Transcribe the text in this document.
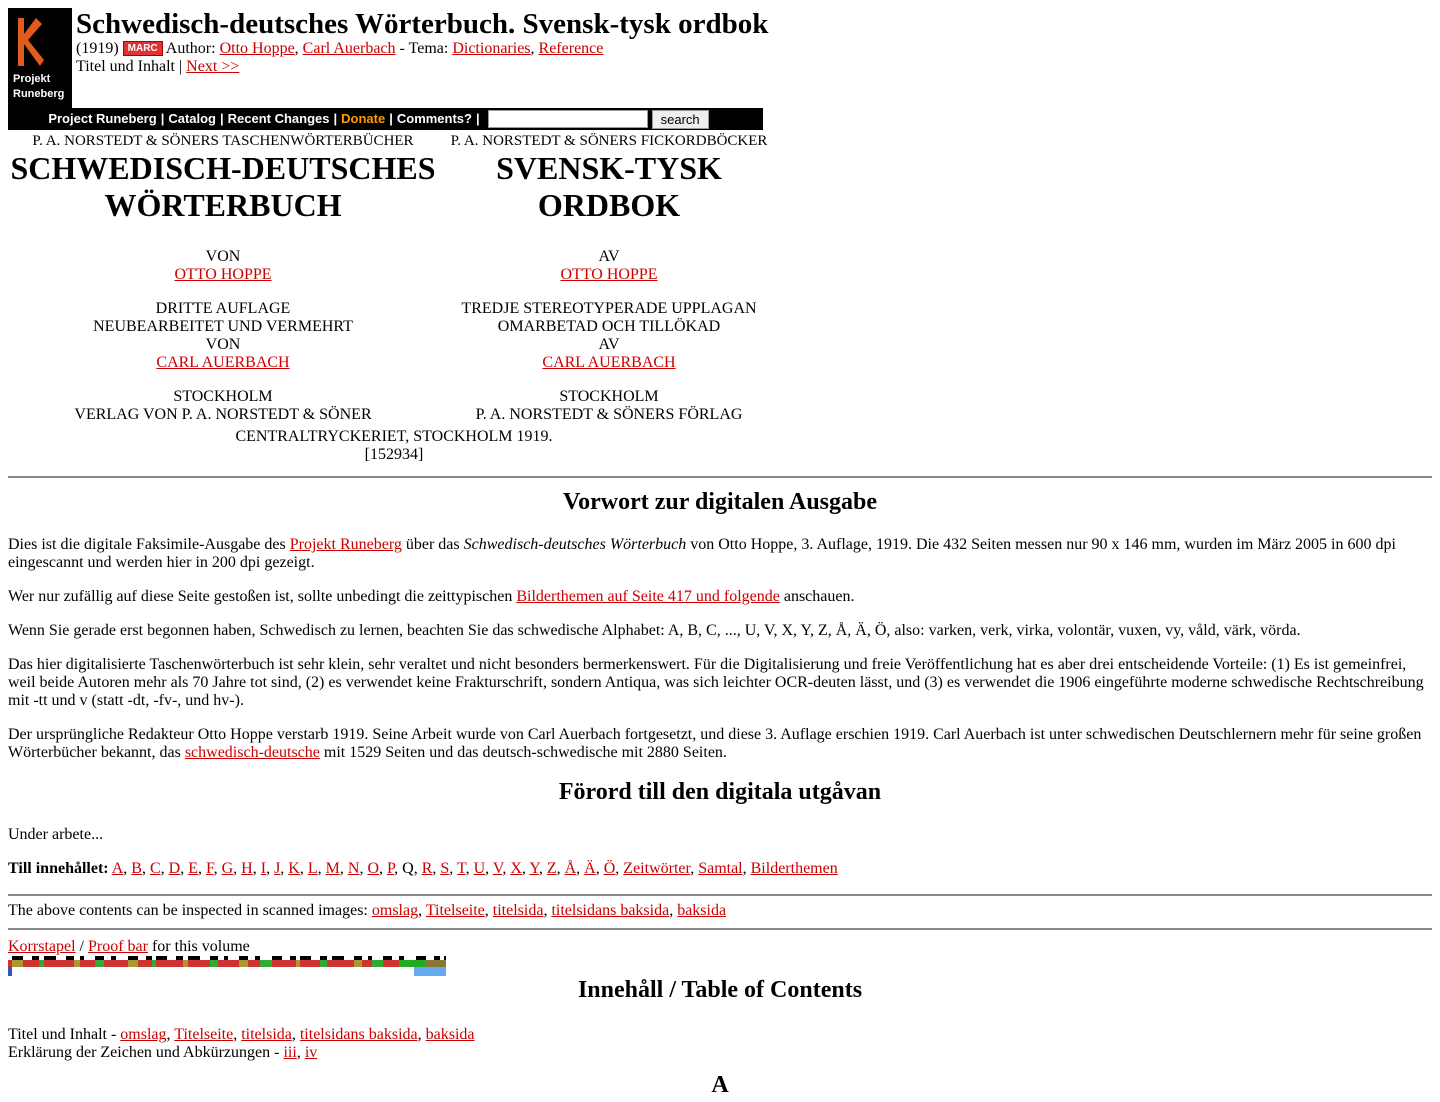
Projekt
Runeberg
Schwedisch-deutsches Wörterbuch. Svensk-tysk ordbok
(1919) MARC Author: Otto Hoppe, Carl Auerbach - Tema: Dictionaries, Reference
Titel und Inhalt | Next >>
Project Runeberg | Catalog | Recent Changes | Donate | Comments? |	search
P. A. NORSTEDT & SÖNERS TASCHENWÖRTERBÜCHER
SCHWEDISCH-DEUTSCHES
WÖRTERBUCH
VON
OTTO HOPPE
DRITTE AUFLAGE
NEUBEARBEITET UND VERMEHRT
VON
CARL AUERBACH
STOCKHOLM
VERLAG VON P. A. NORSTEDT & SÖNER

P. A. NORSTEDT & SÖNERS FICKORDBÖCKER
SVENSK-TYSK
ORDBOK
AV
OTTO HOPPE
TREDJE STEREOTYPERADE UPPLAGAN
OMARBETAD OCH TILLÖKAD
AV
CARL AUERBACH
STOCKHOLM
P. A. NORSTEDT & SÖNERS FÖRLAG
CENTRALTRYCKERIET, STOCKHOLM 1919.
[152934]
Vorwort zur digitalen Ausgabe

Dies ist die digitale Faksimile-Ausgabe des Projekt Runeberg über das Schwedisch-deutsches Wörterbuch von Otto Hoppe, 3. Auflage, 1919. Die 432 Seiten messen nur 90 x 146 mm, wurden im März 2005 in 600 dpi eingescannt und werden hier in 200 dpi gezeigt.

Wer nur zufällig auf diese Seite gestoßen ist, sollte unbedingt die zeittypischen Bilderthemen auf Seite 417 und folgende anschauen.

Wenn Sie gerade erst begonnen haben, Schwedisch zu lernen, beachten Sie das schwedische Alphabet: A, B, C, ..., U, V, X, Y, Z, Å, Ä, Ö, also: varken, verk, virka, volontär, vuxen, vy, våld, värk, vörda.

Das hier digitalisierte Taschenwörterbuch ist sehr klein, sehr veraltet und nicht besonders bermerkenswert. Für die Digitalisierung und freie Veröffentlichung hat es aber drei entscheidende Vorteile: (1) Es ist gemeinfrei, weil beide Autoren mehr als 70 Jahre tot sind, (2) es verwendet keine Frakturschrift, sondern Antiqua, was sich leichter OCR-deuten lässt, und (3) es verwendet die 1906 eingeführte moderne schwedische Rechtschreibung mit -tt und v (statt -dt, -fv-, und hv-).

Der ursprüngliche Redakteur Otto Hoppe verstarb 1919. Seine Arbeit wurde von Carl Auerbach fortgesetzt, und diese 3. Auflage erschien 1919. Carl Auerbach ist unter schwedischen Deutschlernern mehr für seine großen Wörterbücher bekannt, das schwedisch-deutsche mit 1529 Seiten und das deutsch-schwedische mit 2880 Seiten.

Förord till den digitala utgåvan

Under arbete...

Till innehållet: A, B, C, D, E, F, G, H, I, J, K, L, M, N, O, P, Q, R, S, T, U, V, X, Y, Z, Å, Ä, Ö, Zeitwörter, Samtal, Bilderthemen

The above contents can be inspected in scanned images: omslag, Titelseite, titelsida, titelsidans baksida, baksida
Korrstapel / Proof bar for this volume
Innehåll / Table of Contents
Titel und Inhalt - omslag, Titelseite, titelsida, titelsidans baksida, baksida
Erklärung der Zeichen und Abkürzungen - iii, iv
A
